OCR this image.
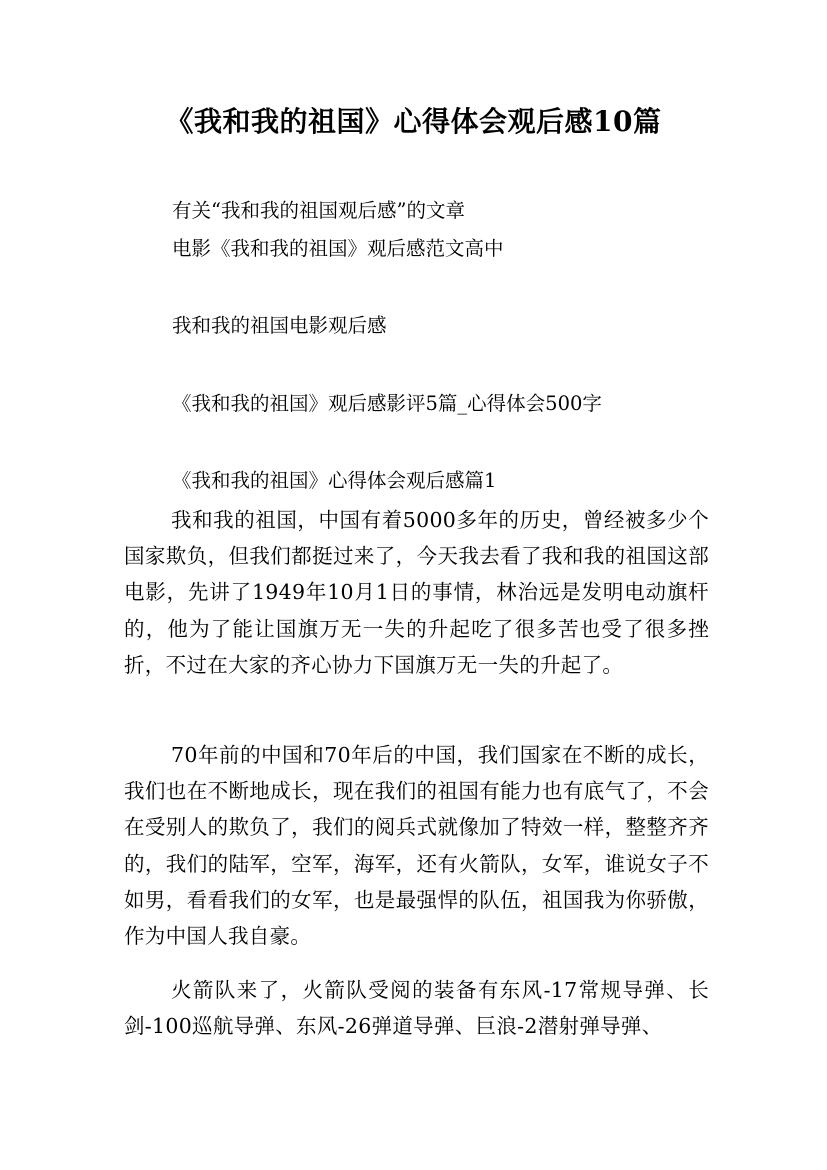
《我和我的祖国》心得体会观后感10篇
有关“我和我的祖国观后感”的文章
电影《我和我的祖国》观后感范文高中
我和我的祖国电影观后感
《我和我的祖国》观后感影评5篇_心得体会500字
《我和我的祖国》心得体会观后感篇1
我和我的祖国，中国有着5000多年的历史，曾经被多少个国家欺负，但我们都挺过来了，今天我去看了我和我的祖国这部电影，先讲了1949年10月1日的事情，林治远是发明电动旗杆的，他为了能让国旗万无一失的升起吃了很多苦也受了很多挫折，不过在大家的齐心协力下国旗万无一失的升起了。
70年前的中国和70年后的中国，我们国家在不断的成长，我们也在不断地成长，现在我们的祖国有能力也有底气了，不会在受别人的欺负了，我们的阅兵式就像加了特效一样，整整齐齐的，我们的陆军，空军，海军，还有火箭队，女军，谁说女子不如男，看看我们的女军，也是最强悍的队伍，祖国我为你骄傲，作为中国人我自豪。
火箭队来了，火箭队受阅的装备有东风-17常规导弹、长剑-100巡航导弹、东风-26弹道导弹、巨浪-2潜射弹导弹、
